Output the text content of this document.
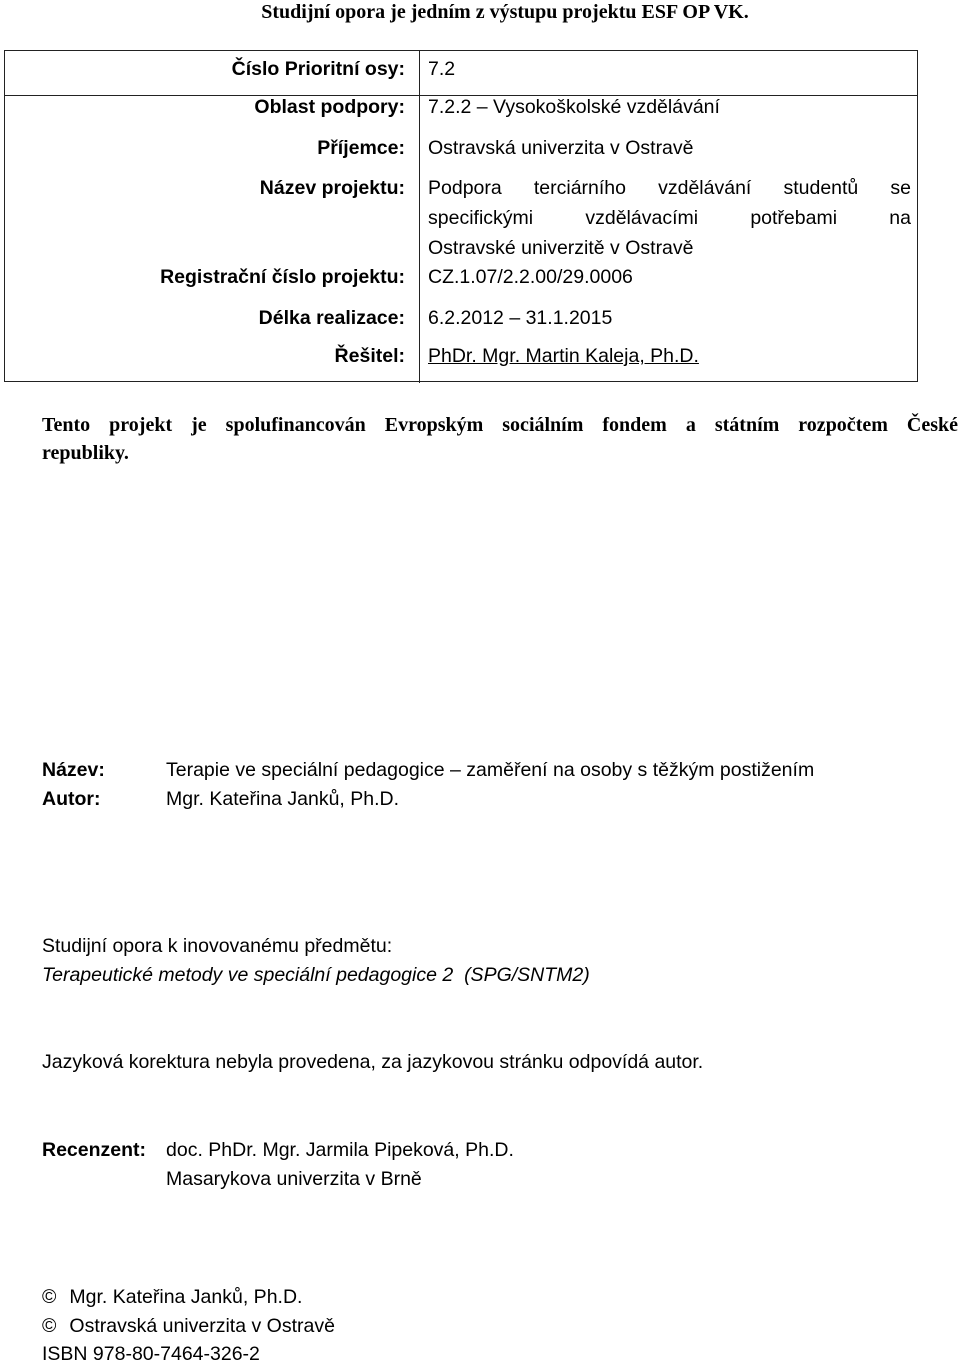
Studijní opora je jedním z výstupu projektu ESF OP VK.
Číslo Prioritní osy: 7.2
Oblast podpory: 7.2.2 – Vysokoškolské vzdělávání
Příjemce: Ostravská univerzita v Ostravě
Název projektu: Podpora terciárního vzdělávání studentů se
specifickými vzdělávacími potřebami na
Ostravské univerzitě v Ostravě
Registrační číslo projektu: CZ.1.07/2.2.00/29.0006
Délka realizace: 6.2.2012 – 31.1.2015
Řešitel: PhDr. Mgr. Martin Kaleja, Ph.D.
Tento projekt je spolufinancován Evropským sociálním fondem a státním rozpočtem České
republiky.
Název:	Terapie ve speciální pedagogice – zaměření na osoby s těžkým postižením
Autor:	Mgr. Kateřina Janků, Ph.D.
Studijní opora k inovovanému předmětu:
Terapeutické metody ve speciální pedagogice 2 (SPG/SNTM2)
Jazyková korektura nebyla provedena, za jazykovou stránku odpovídá autor.
Recenzent: doc. PhDr. Mgr. Jarmila Pipeková, Ph.D.
Masarykova univerzita v Brně
© Mgr. Kateřina Janků, Ph.D.
© Ostravská univerzita v Ostravě
ISBN 978-80-7464-326-2
